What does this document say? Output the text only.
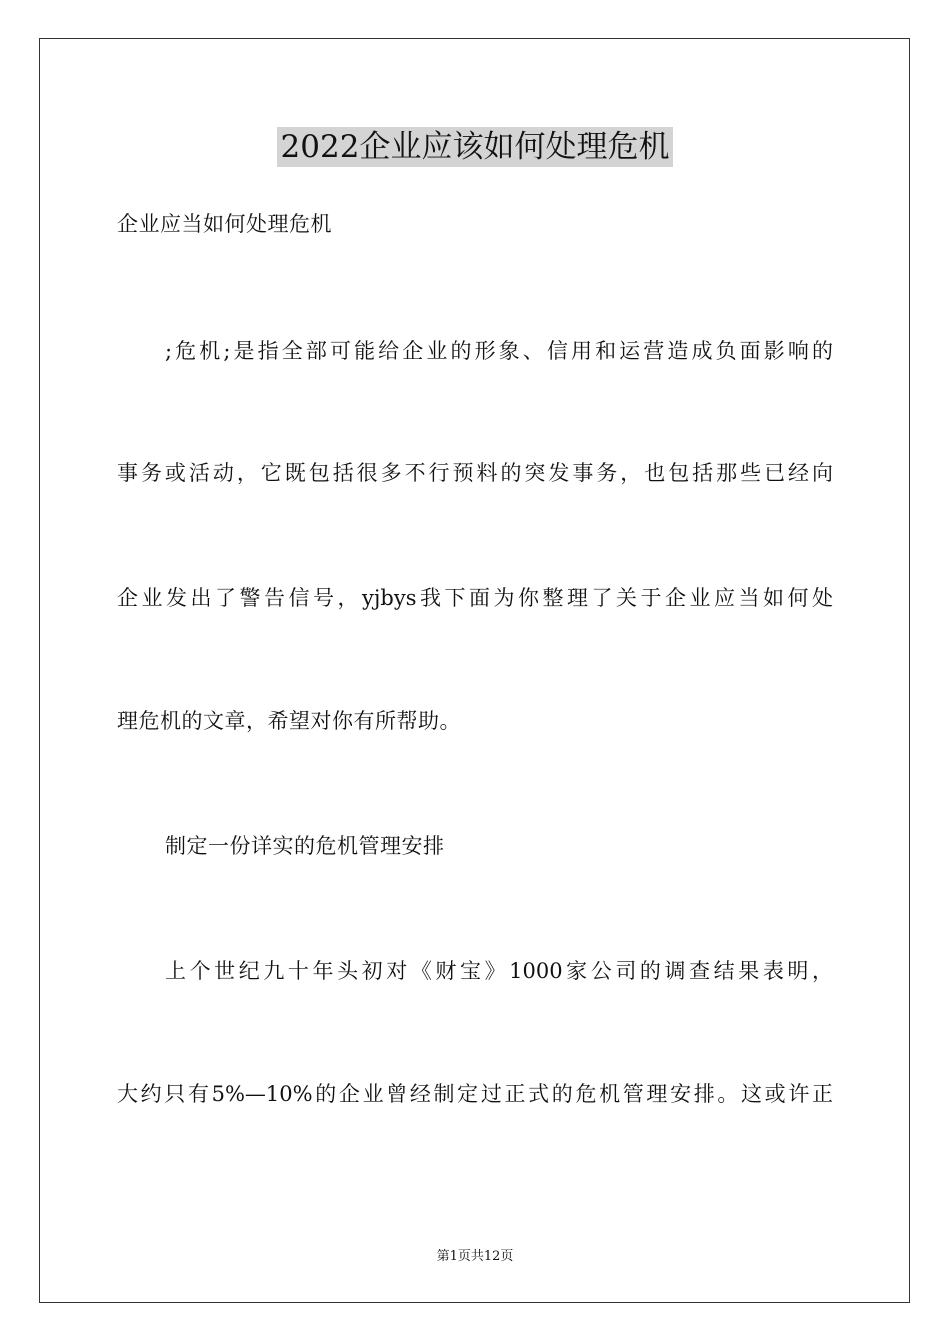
2022企业应该如何处理危机
企业应当如何处理危机
;危机;是指全部可能给企业的形象、信用和运营造成负面影响的
事务或活动，它既包括很多不行预料的突发事务，也包括那些已经向
企业发出了警告信号，yjbys我下面为你整理了关于企业应当如何处
理危机的文章，希望对你有所帮助。
制定一份详实的危机管理安排
上个世纪九十年头初对《财宝》1000家公司的调查结果表明，
大约只有5%—10%的企业曾经制定过正式的危机管理安排。这或许正
第1页共12页
